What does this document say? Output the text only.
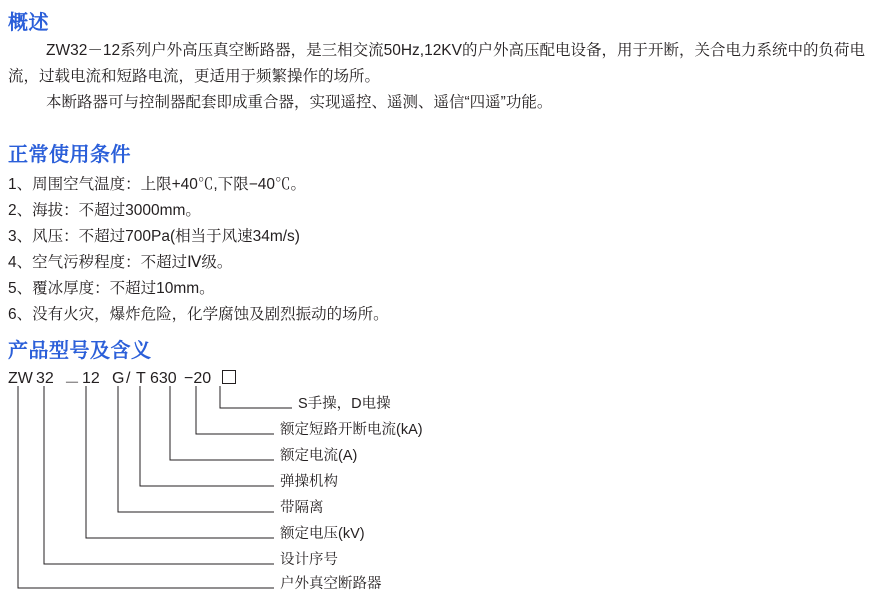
概述
ZW32－12系列户外高压真空断路器，是三相交流50Hz,12KV的户外高压配电设备，用于开断，关合电力系统中的负荷电流，过载电流和短路电流，更适用于频繁操作的场所。
本断路器可与控制器配套即成重合器，实现遥控、遥测、遥信“四遥”功能。
正常使用条件
1、周围空气温度：上限+40℃,下限−40℃。
2、海拔：不超过3000mm。
3、风压：不超过700Pa(相当于风速34m/s)
4、空气污秽程度：不超过Ⅳ级。
5、覆冰厚度：不超过10mm。
6、没有火灾，爆炸危险，化学腐蚀及剧烈振动的场所。
产品型号及含义
ZW 32 － 12 G / T 630 −20
S手操，D电操
额定短路开断电流(kA)
额定电流(A)
弹操机构
带隔离
额定电压(kV)
设计序号
户外真空断路器
